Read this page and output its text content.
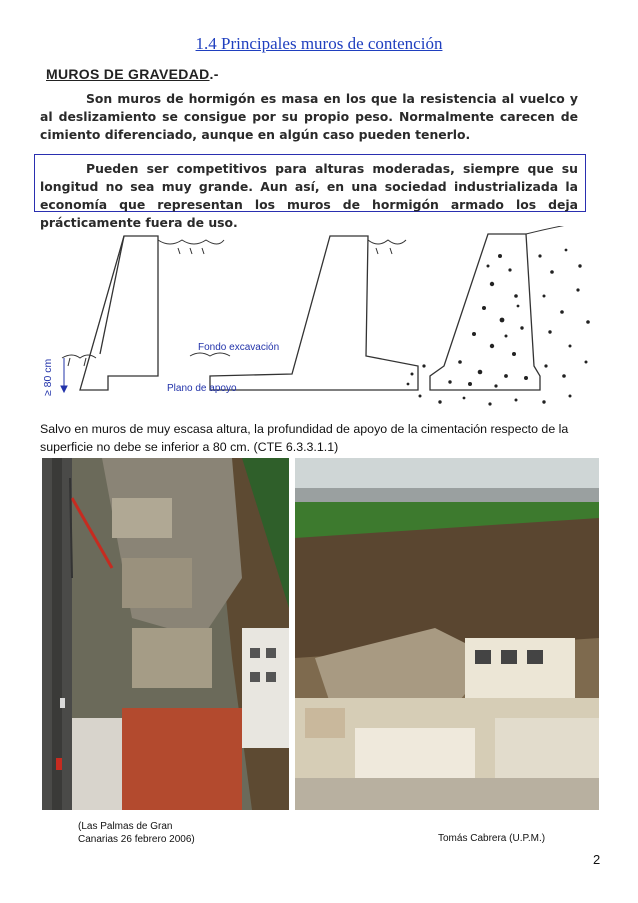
1.4 Principales muros de contención
MUROS DE GRAVEDAD.-
Son muros de hormigón es masa en los que la resistencia al vuelco y al deslizamiento se consigue por su propio peso. Normalmente carecen de cimiento diferenciado, aunque en algún caso pueden tenerlo.
Pueden ser competitivos para alturas moderadas, siempre que su longitud no sea muy grande. Aun así, en una sociedad industrializada la economía que representan los muros de hormigón armado los deja prácticamente fuera de uso.
Fondo excavación
Plano de apoyo
≥ 80 cm
Salvo en muros de muy escasa altura, la profundidad de apoyo de la cimentación respecto de la superficie no debe se inferior a 80 cm. (CTE 6.3.3.1.1)
(Las Palmas de Gran
Canarias 26 febrero 2006)	Tomás Cabrera (U.P.M.)
2
